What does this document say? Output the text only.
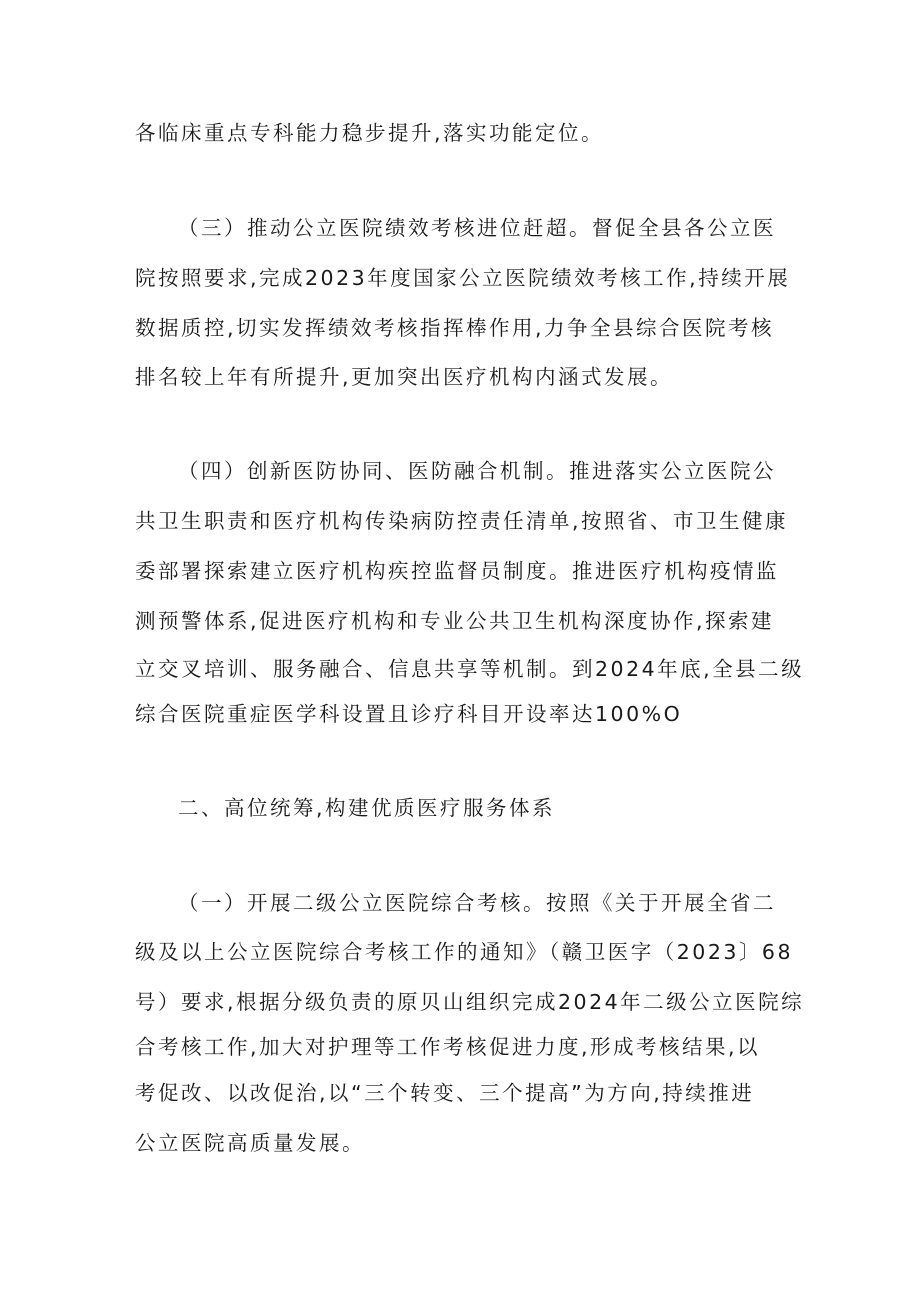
各临床重点专科能力稳步提升,落实功能定位。

（三）推动公立医院绩效考核进位赶超。督促全县各公立医

院按照要求,完成2023年度国家公立医院绩效考核工作,持续开展

数据质控,切实发挥绩效考核指挥棒作用,力争全县综合医院考核

排名较上年有所提升,更加突出医疗机构内涵式发展。

（四）创新医防协同、医防融合机制。推进落实公立医院公

共卫生职责和医疗机构传染病防控责任清单,按照省、市卫生健康

委部署探索建立医疗机构疾控监督员制度。推进医疗机构疫情监

测预警体系,促进医疗机构和专业公共卫生机构深度协作,探索建

立交叉培训、服务融合、信息共享等机制。到2024年底,全县二级

综合医院重症医学科设置且诊疗科目开设率达100%O

二、高位统筹,构建优质医疗服务体系

（一）开展二级公立医院综合考核。按照《关于开展全省二

级及以上公立医院综合考核工作的通知》（赣卫医字（2023〕68

号）要求,根据分级负责的原贝山组织完成2024年二级公立医院综

合考核工作,加大对护理等工作考核促进力度,形成考核结果,以

考促改、以改促治,以“三个转变、三个提高”为方向,持续推进

公立医院高质量发展。
